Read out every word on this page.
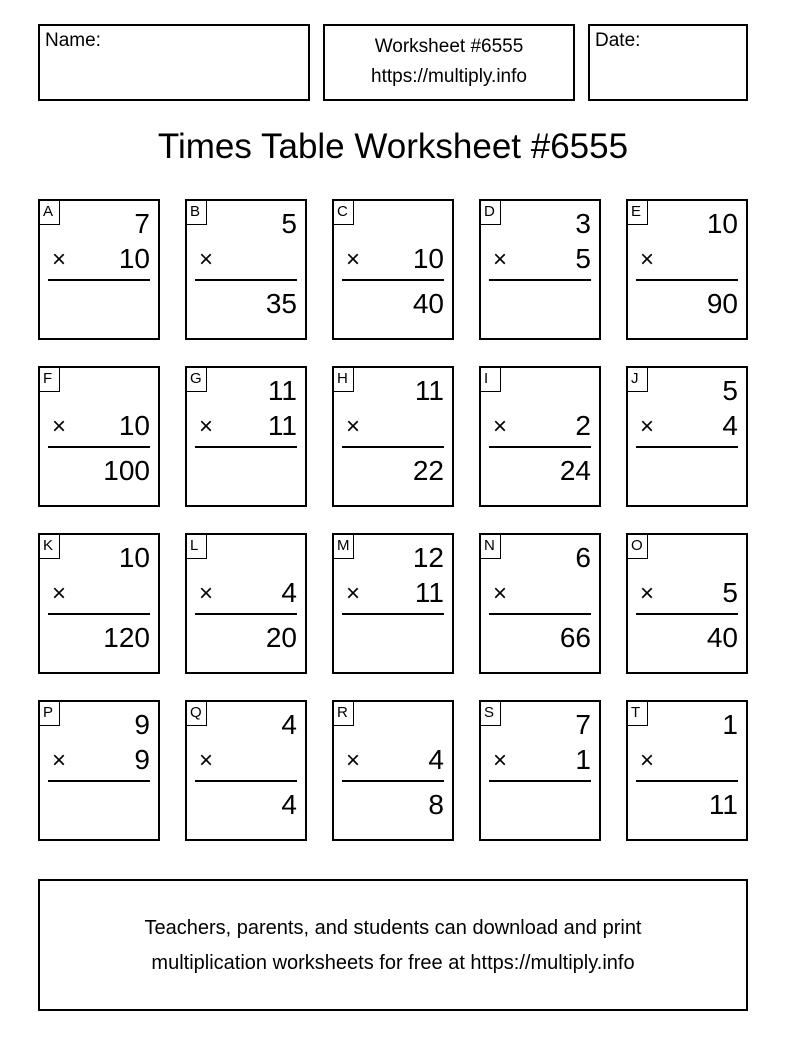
Name:	Worksheet #6555
https://multiply.info
Date:
Times Table Worksheet #6555
A	7
× 10
B	5
×
35
C
× 10
40
D	3
× 5
E 10
×
90
F
× 10
100
G 11
× 11
H 11
×
22
I
× 2
24
J	5
× 4
K 10
×
120
L
× 4
20
M 12
× 11
N	6
×
66
O
× 5
40
P	9
× 9
Q	4
×
4
R
× 4
8
S	7
× 1
T	1
×
11
Teachers, parents, and students can download and print
multiplication worksheets for free at https://multiply.info
